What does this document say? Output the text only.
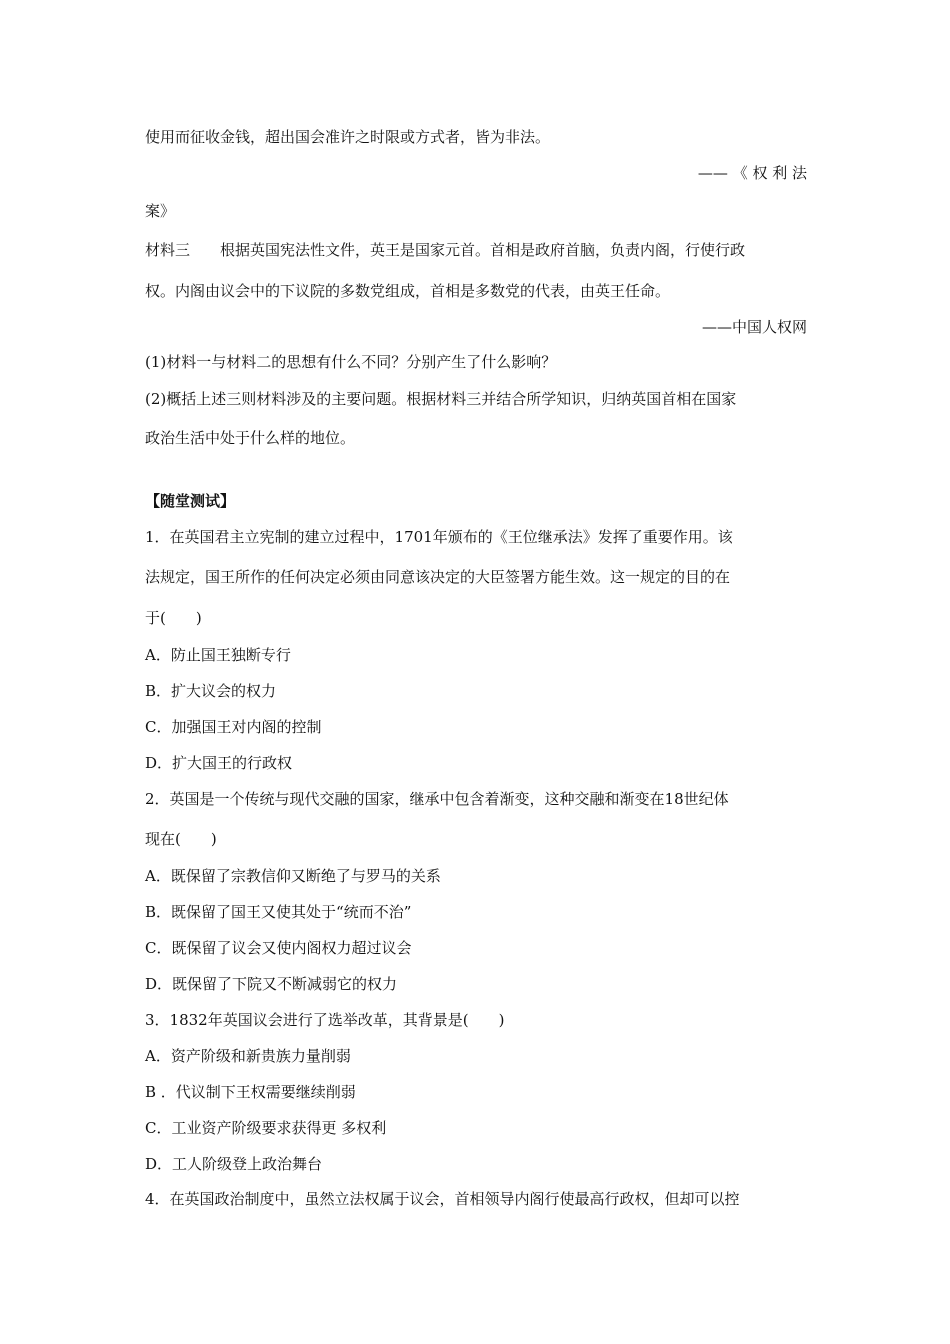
使用而征收金钱，超出国会准许之时限或方式者，皆为非法。
—— 《 权 利 法
案》
材料三　　根据英国宪法性文件，英王是国家元首。首相是政府首脑，负责内阁，行使行政
权。内阁由议会中的下议院的多数党组成，首相是多数党的代表，由英王任命。
——中国人权网
(1)材料一与材料二的思想有什么不同？分别产生了什么影响？
(2)概括上述三则材料涉及的主要问题。根据材料三并结合所学知识，归纳英国首相在国家
政治生活中处于什么样的地位。
【随堂测试】
1．在英国君主立宪制的建立过程中，1701年颁布的《王位继承法》发挥了重要作用。该
法规定，国王所作的任何决定必须由同意该决定的大臣签署方能生效。这一规定的目的在
于(　　)
A．防止国王独断专行
B．扩大议会的权力
C．加强国王对内阁的控制
D．扩大国王的行政权
2．英国是一个传统与现代交融的国家，继承中包含着渐变，这种交融和渐变在18世纪体
现在(　　)
A．既保留了宗教信仰又断绝了与罗马的关系
B．既保留了国王又使其处于“统而不治”
C．既保留了议会又使内阁权力超过议会
D．既保留了下院又不断减弱它的权力
3．1832年英国议会进行了选举改革，其背景是(　　)
A．资产阶级和新贵族力量削弱
B ．代议制下王权需要继续削弱
C．工业资产阶级要求获得更 多权利
D．工人阶级登上政治舞台
4．在英国政治制度中，虽然立法权属于议会，首相领导内阁行使最高行政权，但却可以控
